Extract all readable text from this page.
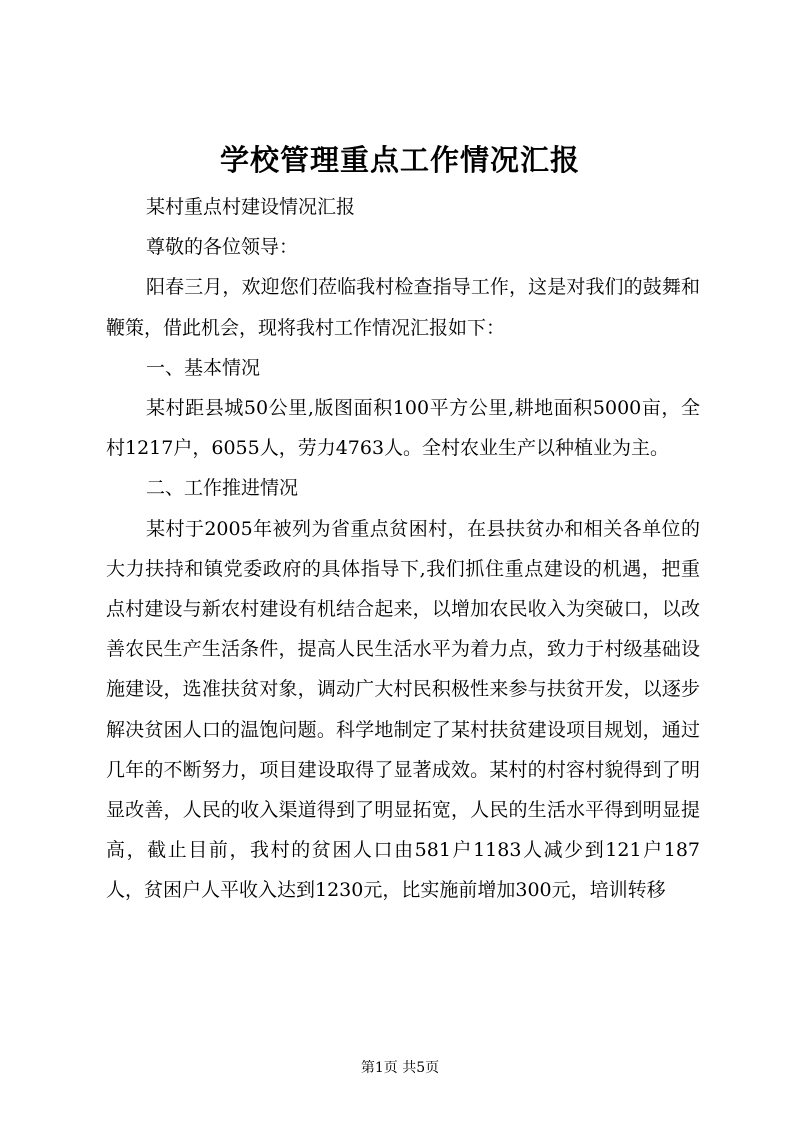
学校管理重点工作情况汇报

某村重点村建设情况汇报

尊敬的各位领导：

阳春三月，欢迎您们莅临我村检查指导工作，这是对我们的鼓舞和鞭策，借此机会，现将我村工作情况汇报如下：

一、基本情况

某村距县城50公里,版图面积100平方公里,耕地面积5000亩，全村1217户，6055人，劳力4763人。全村农业生产以种植业为主。

二、工作推进情况

某村于2005年被列为省重点贫困村，在县扶贫办和相关各单位的大力扶持和镇党委政府的具体指导下,我们抓住重点建设的机遇，把重点村建设与新农村建设有机结合起来，以增加农民收入为突破口，以改善农民生产生活条件，提高人民生活水平为着力点，致力于村级基础设施建设，选准扶贫对象，调动广大村民积极性来参与扶贫开发，以逐步解决贫困人口的温饱问题。科学地制定了某村扶贫建设项目规划，通过几年的不断努力，项目建设取得了显著成效。某村的村容村貌得到了明显改善，人民的收入渠道得到了明显拓宽，人民的生活水平得到明显提高，截止目前，我村的贫困人口由581户1183人减少到121户187人，贫困户人平收入达到1230元，比实施前增加300元，培训转移

第1页 共5页
